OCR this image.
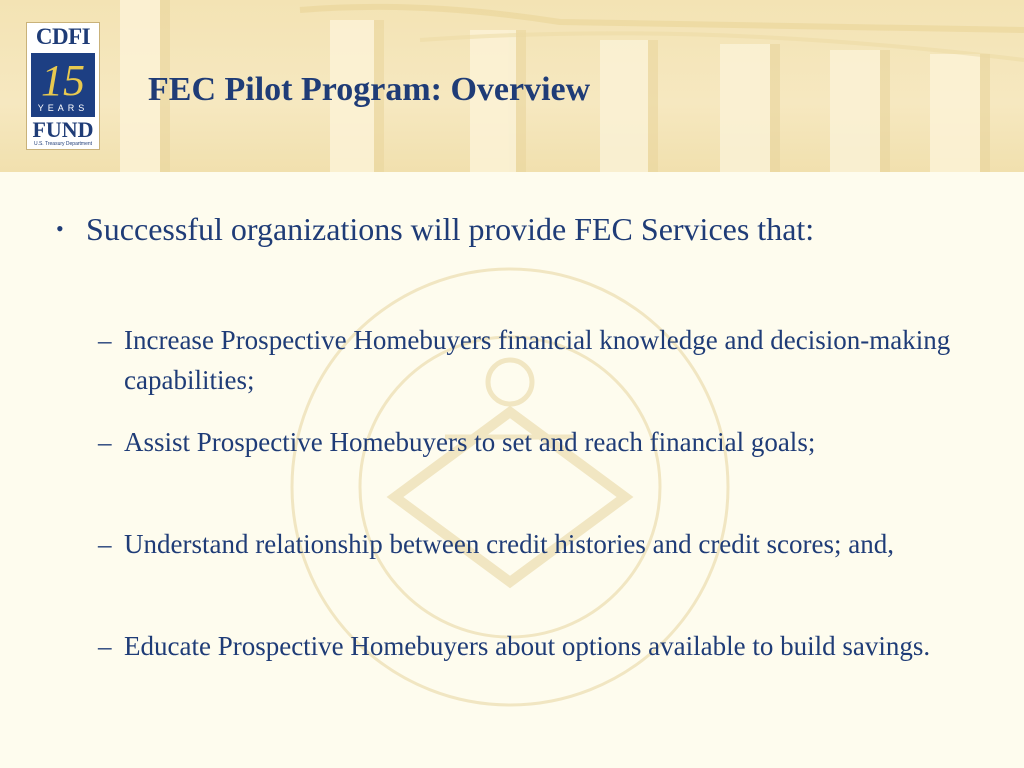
CDFI
15
YEARS
FUND
U.S. Treasury Department
FEC Pilot Program: Overview
• Successful organizations will provide FEC Services that:
– Increase Prospective Homebuyers financial knowledge and decision-making capabilities;
– Assist Prospective Homebuyers to set and reach financial goals;
– Understand relationship between credit histories and credit scores; and,
– Educate Prospective Homebuyers about options available to build savings.
